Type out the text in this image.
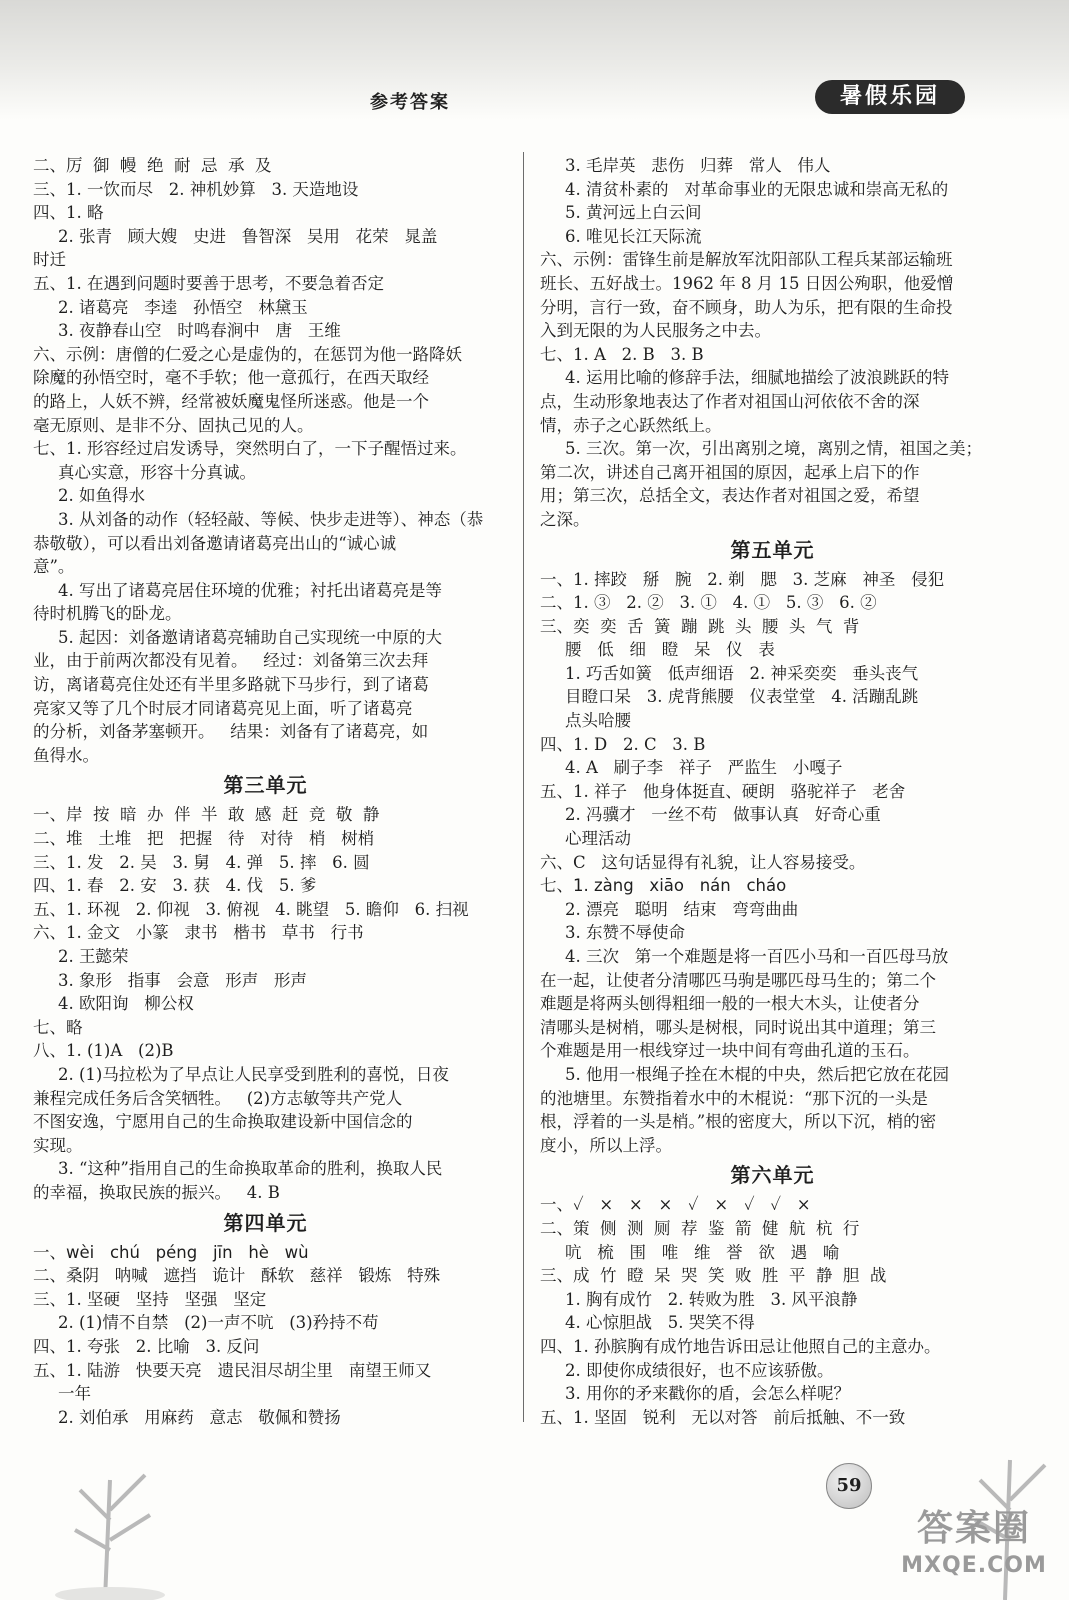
参考答案	暑假乐园
二、厉  御  幔  绝  耐  忌  承  及
三、1. 一饮而尽   2. 神机妙算   3. 天造地设
四、1. 略
2. 张青   顾大嫂   史进   鲁智深   吴用   花荣   晁盖
时迁
五、1. 在遇到问题时要善于思考，不要急着否定
2. 诸葛亮   李逵   孙悟空   林黛玉
3. 夜静春山空   时鸣春涧中   唐   王维
六、示例：唐僧的仁爱之心是虚伪的，在惩罚为他一路降妖
除魔的孙悟空时，毫不手软；他一意孤行，在西天取经
的路上，人妖不辨，经常被妖魔鬼怪所迷惑。他是一个
毫无原则、是非不分、固执己见的人。
七、1. 形容经过启发诱导，突然明白了，一下子醒悟过来。
真心实意，形容十分真诚。
2. 如鱼得水
3. 从刘备的动作（轻轻敲、等候、快步走进等）、神态（恭
恭敬敬），可以看出刘备邀请诸葛亮出山的“诚心诚
意”。
4. 写出了诸葛亮居住环境的优雅；衬托出诸葛亮是等
待时机腾飞的卧龙。
5. 起因：刘备邀请诸葛亮辅助自己实现统一中原的大
业，由于前两次都没有见着。   经过：刘备第三次去拜
访，离诸葛亮住处还有半里多路就下马步行，到了诸葛
亮家又等了几个时辰才同诸葛亮见上面，听了诸葛亮
的分析，刘备茅塞顿开。   结果：刘备有了诸葛亮，如
鱼得水。
第三单元
一、岸  按  暗  办  伴  半  敢  感  赶  竞  敬  静
二、堆   土堆   把   把握   待   对待   梢   树梢
三、1. 发   2. 吴   3. 舅   4. 弹   5. 摔   6. 圆
四、1. 春   2. 安   3. 获   4. 伐   5. 爹
五、1. 环视   2. 仰视   3. 俯视   4. 眺望   5. 瞻仰   6. 扫视
六、1. 金文   小篆   隶书   楷书   草书   行书
2. 王懿荣
3. 象形   指事   会意   形声   形声
4. 欧阳询   柳公权
七、略
八、1. (1)A   (2)B
2. (1)马拉松为了早点让人民享受到胜利的喜悦，日夜
兼程完成任务后含笑牺牲。   (2)方志敏等共产党人
不图安逸，宁愿用自己的生命换取建设新中国信念的
实现。
3. “这种”指用自己的生命换取革命的胜利，换取人民
的幸福，换取民族的振兴。   4. B
第四单元
一、wèi   chú   péng   jīn   hè   wù
二、桑阴   呐喊   遮挡   诡计   酥软   慈祥   锻炼   特殊
三、1. 坚硬   坚持   坚强   坚定
2. (1)情不自禁   (2)一声不吭   (3)矜持不苟
四、1. 夸张   2. 比喻   3. 反问
五、1. 陆游   快要天亮   遗民泪尽胡尘里   南望王师又
一年
2. 刘伯承   用麻药   意志   敬佩和赞扬
3. 毛岸英   悲伤   归葬   常人   伟人
4. 清贫朴素的   对革命事业的无限忠诚和崇高无私的
5. 黄河远上白云间
6. 唯见长江天际流
六、示例：雷锋生前是解放军沈阳部队工程兵某部运输班
班长、五好战士。1962 年 8 月 15 日因公殉职，他爱憎
分明，言行一致，奋不顾身，助人为乐，把有限的生命投
入到无限的为人民服务之中去。
七、1. A   2. B   3. B
4. 运用比喻的修辞手法，细腻地描绘了波浪跳跃的特
点，生动形象地表达了作者对祖国山河依依不舍的深
情，赤子之心跃然纸上。
5. 三次。第一次，引出离别之境，离别之情，祖国之美；
第二次，讲述自己离开祖国的原因，起承上启下的作
用；第三次，总括全文，表达作者对祖国之爱，希望
之深。
第五单元
一、1. 摔跤   掰   腕   2. 剃   腮   3. 芝麻   神圣   侵犯
二、1. ③   2. ②   3. ①   4. ①   5. ③   6. ②
三、奕  奕  舌  簧  蹦  跳  头  腰  头  气  背
腰   低   细   瞪   呆   仪   表
1. 巧舌如簧   低声细语   2. 神采奕奕   垂头丧气
目瞪口呆   3. 虎背熊腰   仪表堂堂   4. 活蹦乱跳
点头哈腰
四、1. D   2. C   3. B
4. A   刷子李   祥子   严监生   小嘎子
五、1. 祥子   他身体挺直、硬朗   骆驼祥子   老舍
2. 冯骥才   一丝不苟   做事认真   好奇心重
心理活动
六、C   这句话显得有礼貌，让人容易接受。
七、1. zàng   xiāo   nán   cháo
2. 漂亮   聪明   结束   弯弯曲曲
3. 东赞不辱使命
4. 三次   第一个难题是将一百匹小马和一百匹母马放
在一起，让使者分清哪匹马驹是哪匹母马生的；第二个
难题是将两头刨得粗细一般的一根大木头，让使者分
清哪头是树梢，哪头是树根，同时说出其中道理；第三
个难题是用一根线穿过一块中间有弯曲孔道的玉石。
5. 他用一根绳子拴在木棍的中央，然后把它放在花园
的池塘里。东赞指着水中的木棍说：“那下沉的一头是
根，浮着的一头是梢。”根的密度大，所以下沉，梢的密
度小，所以上浮。
第六单元
一、✓   ×   ×   ×   ✓   ×   ✓   ✓   ×
二、策  侧  测  厕  荐  鉴  箭  健  航  杭  行
吭   梳   围   唯   维   誉   欲   遇   喻
三、成  竹  瞪  呆  哭  笑  败  胜  平  静  胆  战
1. 胸有成竹   2. 转败为胜   3. 风平浪静
4. 心惊胆战   5. 哭笑不得
四、1. 孙膑胸有成竹地告诉田忌让他照自己的主意办。
2. 即使你成绩很好，也不应该骄傲。
3. 用你的矛来戳你的盾，会怎么样呢？
五、1. 坚固   锐利   无以对答   前后抵触、不一致
59
答案圈
MXQE.COM
